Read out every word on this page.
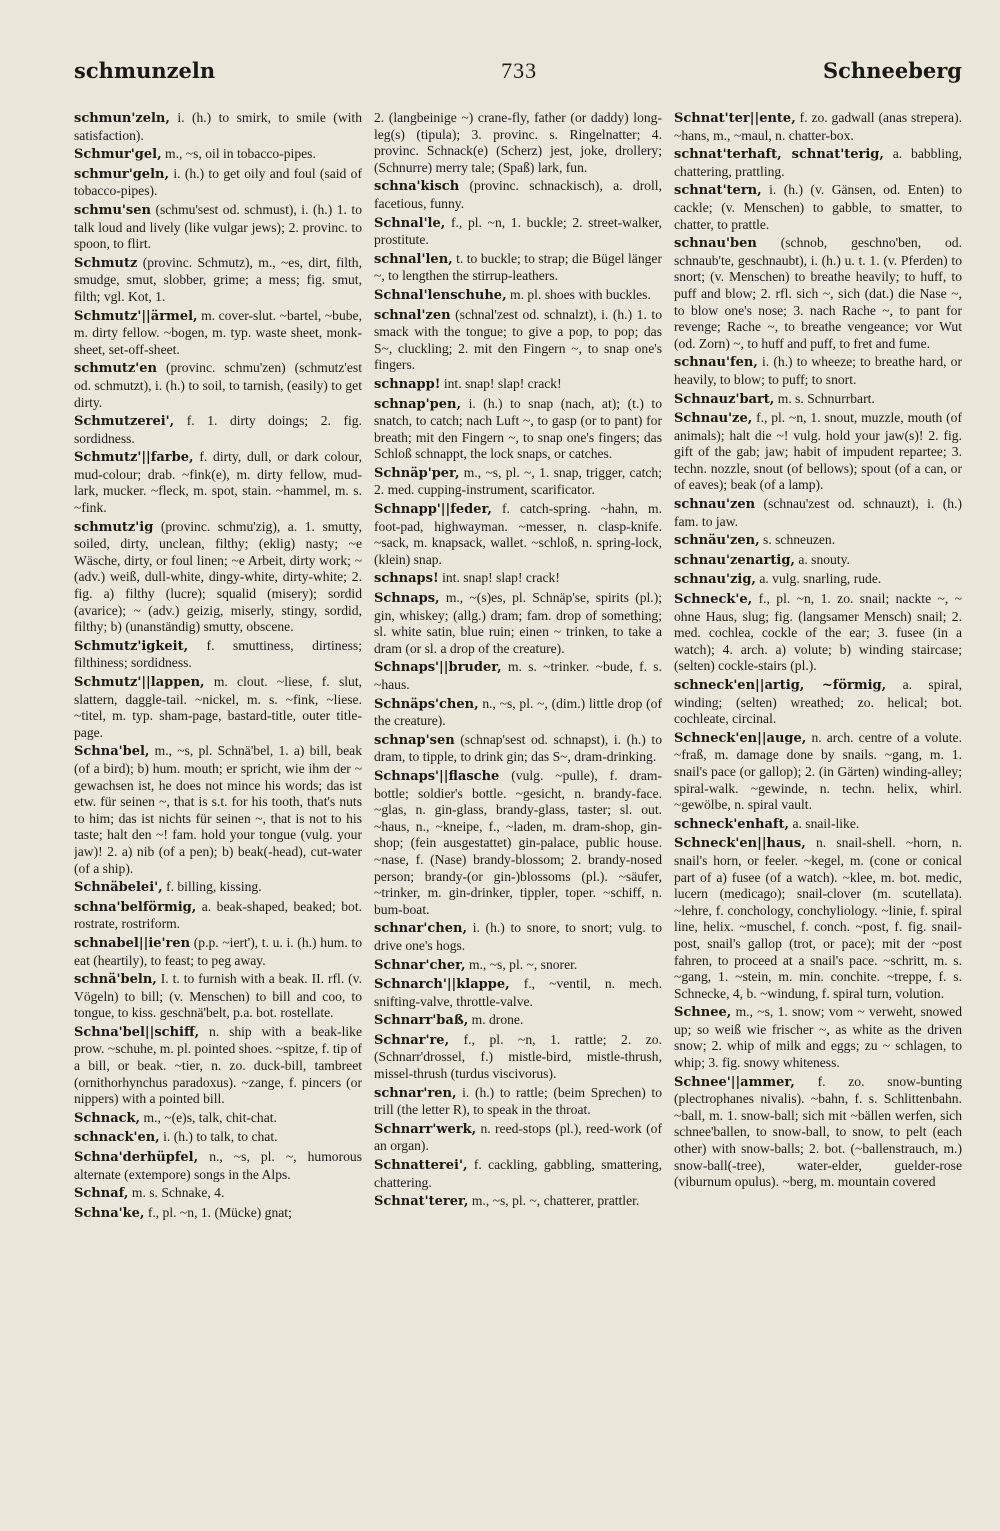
schmunzeln	733	Schneeberg

schmun'zeln, i. (h.) to smirk, to smile (with satisfaction).

Schmur'gel, m., ~s, oil in tobacco-pipes.

schmur'geln, i. (h.) to get oily and foul (said of tobacco-pipes).

schmu'sen (schmu'sest od. schmust), i. (h.) 1. to talk loud and lively (like vulgar jews); 2. provinc. to spoon, to flirt.

Schmutz (provinc. Schmutz), m., ~es, dirt, filth, smudge, smut, slobber, grime; a mess; fig. smut, filth; vgl. Kot, 1.

Schmutz'||ärmel, m. cover-slut. ~bartel, ~bube, m. dirty fellow. ~bogen, m. typ. waste sheet, monk-sheet, set-off-sheet.

schmutz'en (provinc. schmu'zen) (schmutz'est od. schmutzt), i. (h.) to soil, to tarnish, (easily) to get dirty.

Schmutzerei', f. 1. dirty doings; 2. fig. sordidness.

Schmutz'||farbe, f. dirty, dull, or dark colour, mud-colour; drab. ~fink(e), m. dirty fellow, mud-lark, mucker. ~fleck, m. spot, stain. ~hammel, m. s. ~fink.

schmutz'ig (provinc. schmu'zig), a. 1. smutty, soiled, dirty, unclean, filthy; (eklig) nasty; ~e Wäsche, dirty, or foul linen; ~e Arbeit, dirty work; ~ (adv.) weiß, dull-white, dingy-white, dirty-white; 2. fig. a) filthy (lucre); squalid (misery); sordid (avarice); ~ (adv.) geizig, miserly, stingy, sordid, filthy; b) (unanständig) smutty, obscene.

Schmutz'igkeit, f. smuttiness, dirtiness; filthiness; sordidness.

Schmutz'||lappen, m. clout. ~liese, f. slut, slattern, daggle-tail. ~nickel, m. s. ~fink, ~liese. ~titel, m. typ. sham-page, bastard-title, outer title-page.

Schna'bel, m., ~s, pl. Schnä'bel, 1. a) bill, beak (of a bird); b) hum. mouth; er spricht, wie ihm der ~ gewachsen ist, he does not mince his words; das ist etw. für seinen ~, that is s.t. for his tooth, that's nuts to him; das ist nichts für seinen ~, that is not to his taste; halt den ~! fam. hold your tongue (vulg. your jaw)! 2. a) nib (of a pen); b) beak(-head), cut-water (of a ship).

Schnäbelei', f. billing, kissing.

schna'belförmig, a. beak-shaped, beaked; bot. rostrate, rostriform.

schnabel||ie'ren (p.p. ~iert'), t. u. i. (h.) hum. to eat (heartily), to feast; to peg away.

schnä'beln, I. t. to furnish with a beak. II. rfl. (v. Vögeln) to bill; (v. Menschen) to bill and coo, to tongue, to kiss. geschnä'belt, p.a. bot. rostellate.

Schna'bel||schiff, n. ship with a beak-like prow. ~schuhe, m. pl. pointed shoes. ~spitze, f. tip of a bill, or beak. ~tier, n. zo. duck-bill, tambreet (ornithorhynchus paradoxus). ~zange, f. pincers (or nippers) with a pointed bill.

Schnack, m., ~(e)s, talk, chit-chat.

schnack'en, i. (h.) to talk, to chat.

Schna'derhüpfel, n., ~s, pl. ~, humorous alternate (extempore) songs in the Alps.

Schnaf, m. s. Schnake, 4.

Schna'ke, f., pl. ~n, 1. (Mücke) gnat;

2. (langbeinige ~) crane-fly, father (or daddy) long-leg(s) (tipula); 3. provinc. s. Ringelnatter; 4. provinc. Schnack(e) (Scherz) jest, joke, drollery; (Schnurre) merry tale; (Spaß) lark, fun.

schna'kisch (provinc. schnackisch), a. droll, facetious, funny.

Schnal'le, f., pl. ~n, 1. buckle; 2. street-walker, prostitute.

schnal'len, t. to buckle; to strap; die Bügel länger ~, to lengthen the stirrup-leathers.

Schnal'lenschuhe, m. pl. shoes with buckles.

schnal'zen (schnal'zest od. schnalzt), i. (h.) 1. to smack with the tongue; to give a pop, to pop; das S~, cluckling; 2. mit den Fingern ~, to snap one's fingers.

schnapp! int. snap! slap! crack!

schnap'pen, i. (h.) to snap (nach, at); (t.) to snatch, to catch; nach Luft ~, to gasp (or to pant) for breath; mit den Fingern ~, to snap one's fingers; das Schloß schnappt, the lock snaps, or catches.

Schnäp'per, m., ~s, pl. ~, 1. snap, trigger, catch; 2. med. cupping-instrument, scarificator.

Schnapp'||feder, f. catch-spring. ~hahn, m. foot-pad, highwayman. ~messer, n. clasp-knife. ~sack, m. knapsack, wallet. ~schloß, n. spring-lock, (klein) snap.

schnaps! int. snap! slap! crack!

Schnaps, m., ~(s)es, pl. Schnäp'se, spirits (pl.); gin, whiskey; (allg.) dram; fam. drop of something; sl. white satin, blue ruin; einen ~ trinken, to take a dram (or sl. a drop of the creature).

Schnaps'||bruder, m. s. ~trinker. ~bude, f. s. ~haus.

Schnäps'chen, n., ~s, pl. ~, (dim.) little drop (of the creature).

schnap'sen (schnap'sest od. schnapst), i. (h.) to dram, to tipple, to drink gin; das S~, dram-drinking.

Schnaps'||flasche (vulg. ~pulle), f. dram-bottle; soldier's bottle. ~gesicht, n. brandy-face. ~glas, n. gin-glass, brandy-glass, taster; sl. out. ~haus, n., ~kneipe, f., ~laden, m. dram-shop, gin-shop; (fein ausgestattet) gin-palace, public house. ~nase, f. (Nase) brandy-blossom; 2. brandy-nosed person; brandy-(or gin-)blossoms (pl.). ~säufer, ~trinker, m. gin-drinker, tippler, toper. ~schiff, n. bum-boat.

schnar'chen, i. (h.) to snore, to snort; vulg. to drive one's hogs.

Schnar'cher, m., ~s, pl. ~, snorer.

Schnarch'||klappe, f., ~ventil, n. mech. snifting-valve, throttle-valve.

Schnarr'baß, m. drone.

Schnar're, f., pl. ~n, 1. rattle; 2. zo. (Schnarr'drossel, f.) mistle-bird, mistle-thrush, missel-thrush (turdus viscivorus).

schnar'ren, i. (h.) to rattle; (beim Sprechen) to trill (the letter R), to speak in the throat.

Schnarr'werk, n. reed-stops (pl.), reed-work (of an organ).

Schnatterei', f. cackling, gabbling, smattering, chattering.

Schnat'terer, m., ~s, pl. ~, chatterer, prattler.

Schnat'ter||ente, f. zo. gadwall (anas strepera). ~hans, m., ~maul, n. chatter-box.

schnat'terhaft, schnat'terig, a. babbling, chattering, prattling.

schnat'tern, i. (h.) (v. Gänsen, od. Enten) to cackle; (v. Menschen) to gabble, to smatter, to chatter, to prattle.

schnau'ben (schnob, geschno'ben, od. schnaub'te, geschnaubt), i. (h.) u. t. 1. (v. Pferden) to snort; (v. Menschen) to breathe heavily; to huff, to puff and blow; 2. rfl. sich ~, sich (dat.) die Nase ~, to blow one's nose; 3. nach Rache ~, to pant for revenge; Rache ~, to breathe vengeance; vor Wut (od. Zorn) ~, to huff and puff, to fret and fume.

schnau'fen, i. (h.) to wheeze; to breathe hard, or heavily, to blow; to puff; to snort.

Schnauz'bart, m. s. Schnurrbart.

Schnau'ze, f., pl. ~n, 1. snout, muzzle, mouth (of animals); halt die ~! vulg. hold your jaw(s)! 2. fig. gift of the gab; jaw; habit of impudent repartee; 3. techn. nozzle, snout (of bellows); spout (of a can, or of eaves); beak (of a lamp).

schnau'zen (schnau'zest od. schnauzt), i. (h.) fam. to jaw.

schnäu'zen, s. schneuzen.

schnau'zenartig, a. snouty.

schnau'zig, a. vulg. snarling, rude.

Schneck'e, f., pl. ~n, 1. zo. snail; nackte ~, ~ ohne Haus, slug; fig. (langsamer Mensch) snail; 2. med. cochlea, cockle of the ear; 3. fusee (in a watch); 4. arch. a) volute; b) winding staircase; (selten) cockle-stairs (pl.).

schneck'en||artig, ~förmig, a. spiral, winding; (selten) wreathed; zo. helical; bot. cochleate, circinal.

Schneck'en||auge, n. arch. centre of a volute. ~fraß, m. damage done by snails. ~gang, m. 1. snail's pace (or gallop); 2. (in Gärten) winding-alley; spiral-walk. ~gewinde, n. techn. helix, whirl. ~gewölbe, n. spiral vault.

schneck'enhaft, a. snail-like.

Schneck'en||haus, n. snail-shell. ~horn, n. snail's horn, or feeler. ~kegel, m. (cone or conical part of a) fusee (of a watch). ~klee, m. bot. medic, lucern (medicago); snail-clover (m. scutellata). ~lehre, f. conchology, conchyliology. ~linie, f. spiral line, helix. ~muschel, f. conch. ~post, f. fig. snail-post, snail's gallop (trot, or pace); mit der ~post fahren, to proceed at a snail's pace. ~schritt, m. s. ~gang, 1. ~stein, m. min. conchite. ~treppe, f. s. Schnecke, 4, b. ~windung, f. spiral turn, volution.

Schnee, m., ~s, 1. snow; vom ~ verweht, snowed up; so weiß wie frischer ~, as white as the driven snow; 2. whip of milk and eggs; zu ~ schlagen, to whip; 3. fig. snowy whiteness.

Schnee'||ammer, f. zo. snow-bunting (plectrophanes nivalis). ~bahn, f. s. Schlittenbahn. ~ball, m. 1. snow-ball; sich mit ~bällen werfen, sich schnee'ballen, to snow-ball, to snow, to pelt (each other) with snow-balls; 2. bot. (~ballenstrauch, m.) snow-ball(-tree), water-elder, guelder-rose (viburnum opulus). ~berg, m. mountain covered
